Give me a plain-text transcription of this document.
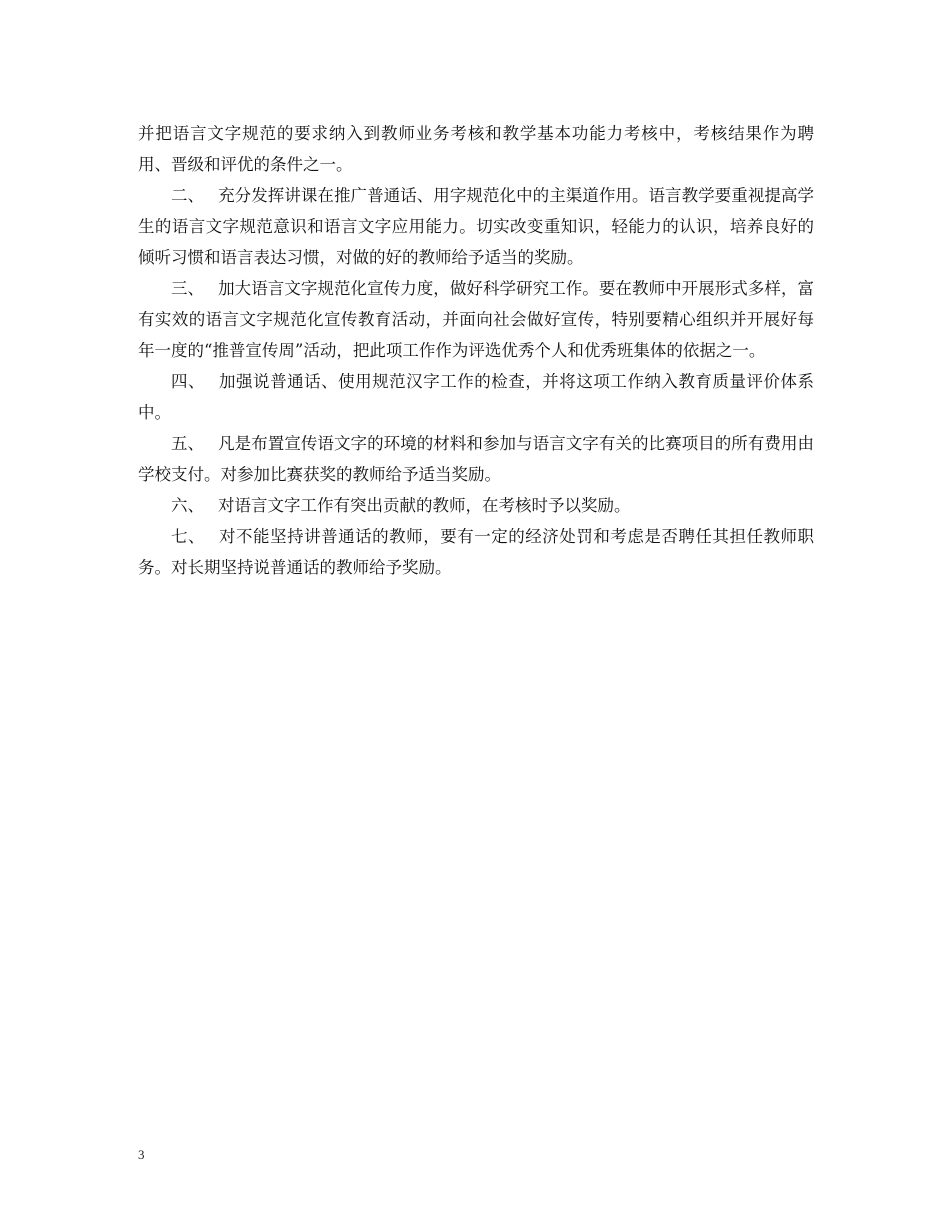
并把语言文字规范的要求纳入到教师业务考核和教学基本功能力考核中，考核结果作为聘用、晋级和评优的条件之一。

二、 充分发挥讲课在推广普通话、用字规范化中的主渠道作用。语言教学要重视提高学生的语言文字规范意识和语言文字应用能力。切实改变重知识，轻能力的认识，培养良好的倾听习惯和语言表达习惯，对做的好的教师给予适当的奖励。

三、 加大语言文字规范化宣传力度，做好科学研究工作。要在教师中开展形式多样，富有实效的语言文字规范化宣传教育活动，并面向社会做好宣传，特别要精心组织并开展好每年一度的“推普宣传周”活动，把此项工作作为评选优秀个人和优秀班集体的依据之一。

四、 加强说普通话、使用规范汉字工作的检查，并将这项工作纳入教育质量评价体系中。

五、 凡是布置宣传语文字的环境的材料和参加与语言文字有关的比赛项目的所有费用由学校支付。对参加比赛获奖的教师给予适当奖励。

六、 对语言文字工作有突出贡献的教师，在考核时予以奖励。

七、 对不能坚持讲普通话的教师，要有一定的经济处罚和考虑是否聘任其担任教师职务。对长期坚持说普通话的教师给予奖励。

3
